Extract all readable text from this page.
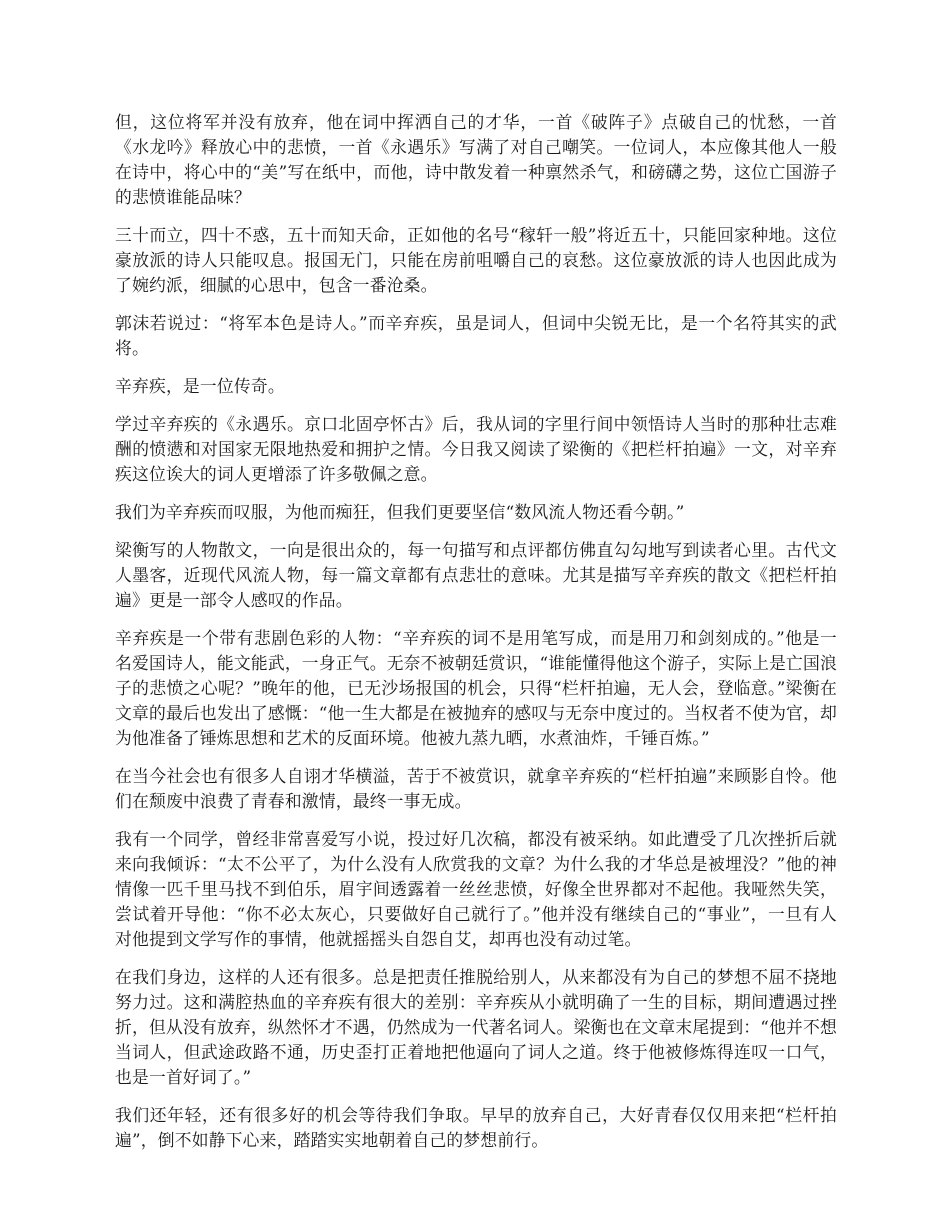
但，这位将军并没有放弃，他在词中挥洒自己的才华，一首《破阵子》点破自己的忧愁，一首《水龙吟》释放心中的悲愤，一首《永遇乐》写满了对自己嘲笑。一位词人，本应像其他人一般在诗中，将心中的“美”写在纸中，而他，诗中散发着一种禀然杀气，和磅礴之势，这位亡国游子的悲愤谁能品味？

三十而立，四十不惑，五十而知天命，正如他的名号“稼轩一般”将近五十，只能回家种地。这位豪放派的诗人只能叹息。报国无门，只能在房前咀嚼自己的哀愁。这位豪放派的诗人也因此成为了婉约派，细腻的心思中，包含一番沧桑。

郭沫若说过：“将军本色是诗人。”而辛弃疾，虽是词人，但词中尖锐无比，是一个名符其实的武将。

辛弃疾，是一位传奇。

学过辛弃疾的《永遇乐。京口北固亭怀古》后，我从词的字里行间中领悟诗人当时的那种壮志难酬的愤懑和对国家无限地热爱和拥护之情。今日我又阅读了梁衡的《把栏杆拍遍》一文，对辛弃疾这位诶大的词人更增添了许多敬佩之意。

我们为辛弃疾而叹服，为他而痴狂，但我们更要坚信“数风流人物还看今朝。”

梁衡写的人物散文，一向是很出众的，每一句描写和点评都仿佛直勾勾地写到读者心里。古代文人墨客，近现代风流人物，每一篇文章都有点悲壮的意味。尤其是描写辛弃疾的散文《把栏杆拍遍》更是一部令人感叹的作品。

辛弃疾是一个带有悲剧色彩的人物：“辛弃疾的词不是用笔写成，而是用刀和剑刻成的。”他是一名爱国诗人，能文能武，一身正气。无奈不被朝廷赏识，“谁能懂得他这个游子，实际上是亡国浪子的悲愤之心呢？”晚年的他，已无沙场报国的机会，只得“栏杆拍遍，无人会，登临意。”梁衡在文章的最后也发出了感慨：“他一生大都是在被抛弃的感叹与无奈中度过的。当权者不使为官，却为他准备了锤炼思想和艺术的反面环境。他被九蒸九晒，水煮油炸，千锤百炼。”

在当今社会也有很多人自诩才华横溢，苦于不被赏识，就拿辛弃疾的“栏杆拍遍”来顾影自怜。他们在颓废中浪费了青春和激情，最终一事无成。

我有一个同学，曾经非常喜爱写小说，投过好几次稿，都没有被采纳。如此遭受了几次挫折后就来向我倾诉：“太不公平了，为什么没有人欣赏我的文章？为什么我的才华总是被埋没？”他的神情像一匹千里马找不到伯乐，眉宇间透露着一丝丝悲愤，好像全世界都对不起他。我哑然失笑，尝试着开导他：“你不必太灰心，只要做好自己就行了。”他并没有继续自己的“事业”，一旦有人对他提到文学写作的事情，他就摇摇头自怨自艾，却再也没有动过笔。

在我们身边，这样的人还有很多。总是把责任推脱给别人，从来都没有为自己的梦想不屈不挠地努力过。这和满腔热血的辛弃疾有很大的差别：辛弃疾从小就明确了一生的目标，期间遭遇过挫折，但从没有放弃，纵然怀才不遇，仍然成为一代著名词人。梁衡也在文章末尾提到：“他并不想当词人，但武途政路不通，历史歪打正着地把他逼向了词人之道。终于他被修炼得连叹一口气，也是一首好词了。”

我们还年轻，还有很多好的机会等待我们争取。早早的放弃自己，大好青春仅仅用来把“栏杆拍遍”，倒不如静下心来，踏踏实实地朝着自己的梦想前行。
